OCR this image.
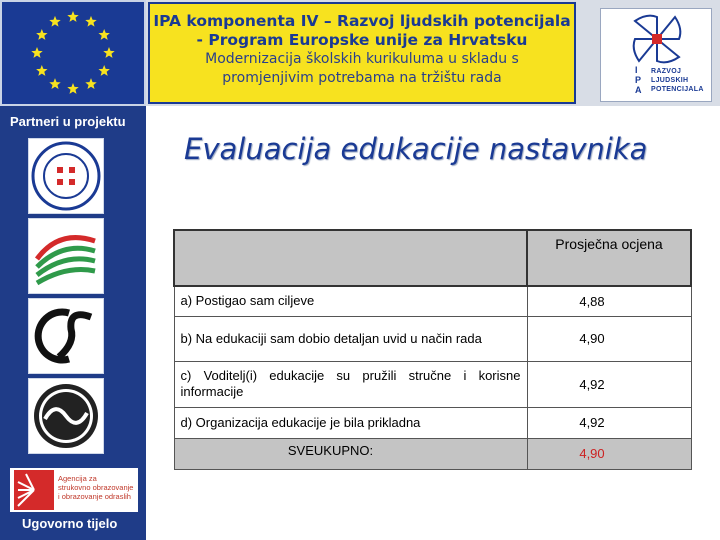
IPA komponenta IV – Razvoj ljudskih potencijala
- Program Europske unije za Hrvatsku
Modernizacija školskih kurikuluma u skladu s
promjenjivim potrebama na tržištu rada	I
P
A
RAZVOJ
LJUDSKIH
POTENCIJALA
Partneri u projektu
Agencija za
strukovno obrazovanje
i obrazovanje odraslih
Ugovorno tijelo
Evaluacija edukacije nastavnika
	Prosječna ocjena
a) Postigao sam ciljeve	4,88
b) Na edukaciji sam dobio detaljan uvid u način rada	4,90
c) Voditelj(i) edukacije su pružili stručne i korisne informacije	4,92
d) Organizacija edukacije je bila prikladna	4,92
SVEUKUPNO:	4,90
